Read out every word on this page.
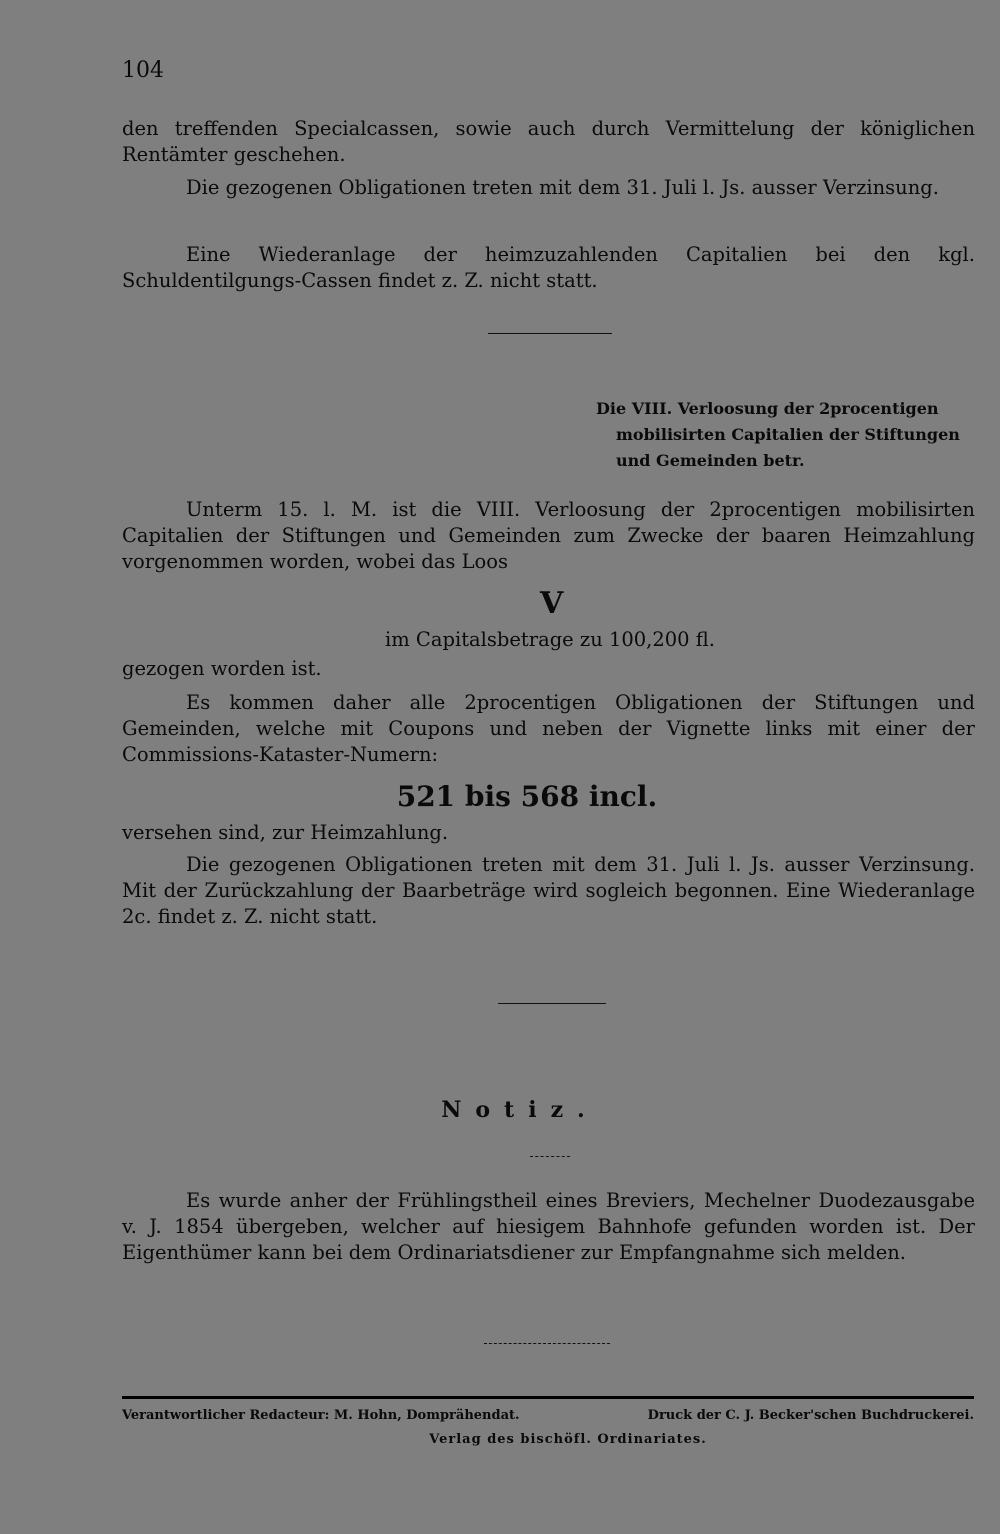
104
den treffenden Specialcassen, sowie auch durch Vermittelung der königlichen Rentämter geschehen.
Die gezogenen Obligationen treten mit dem 31. Juli l. Js. ausser Verzinsung.
Eine Wiederanlage der heimzuzahlenden Capitalien bei den kgl. Schuldentilgungs-Cassen findet z. Z. nicht statt.
Die VIII. Verloosung der 2procentigen
mobilisirten Capitalien der Stiftungen
und Gemeinden betr.
Unterm 15. l. M. ist die VIII. Verloosung der 2procentigen mobilisirten Capitalien der Stiftungen und Gemeinden zum Zwecke der baaren Heimzahlung vorgenommen worden, wobei das Loos
V
im Capitalsbetrage zu 100,200 fl.
gezogen worden ist.
Es kommen daher alle 2procentigen Obligationen der Stiftungen und Gemeinden, welche mit Coupons und neben der Vignette links mit einer der Commissions-Kataster-Numern:
521 bis 568 incl.
versehen sind, zur Heimzahlung.
Die gezogenen Obligationen treten mit dem 31. Juli l. Js. ausser Verzinsung. Mit der Zurückzahlung der Baarbeträge wird sogleich begonnen. Eine Wiederanlage 2c. findet z. Z. nicht statt.
Notiz.
Es wurde anher der Frühlingstheil eines Breviers, Mechelner Duodezausgabe v. J. 1854 übergeben, welcher auf hiesigem Bahnhofe gefunden worden ist. Der Eigenthümer kann bei dem Ordinariatsdiener zur Empfangnahme sich melden.
Verantwortlicher Redacteur: M. Hohn, Domprähendat.	Druck der C. J. Becker'schen Buchdruckerei.
Verlag des bischöfl. Ordinariates.
